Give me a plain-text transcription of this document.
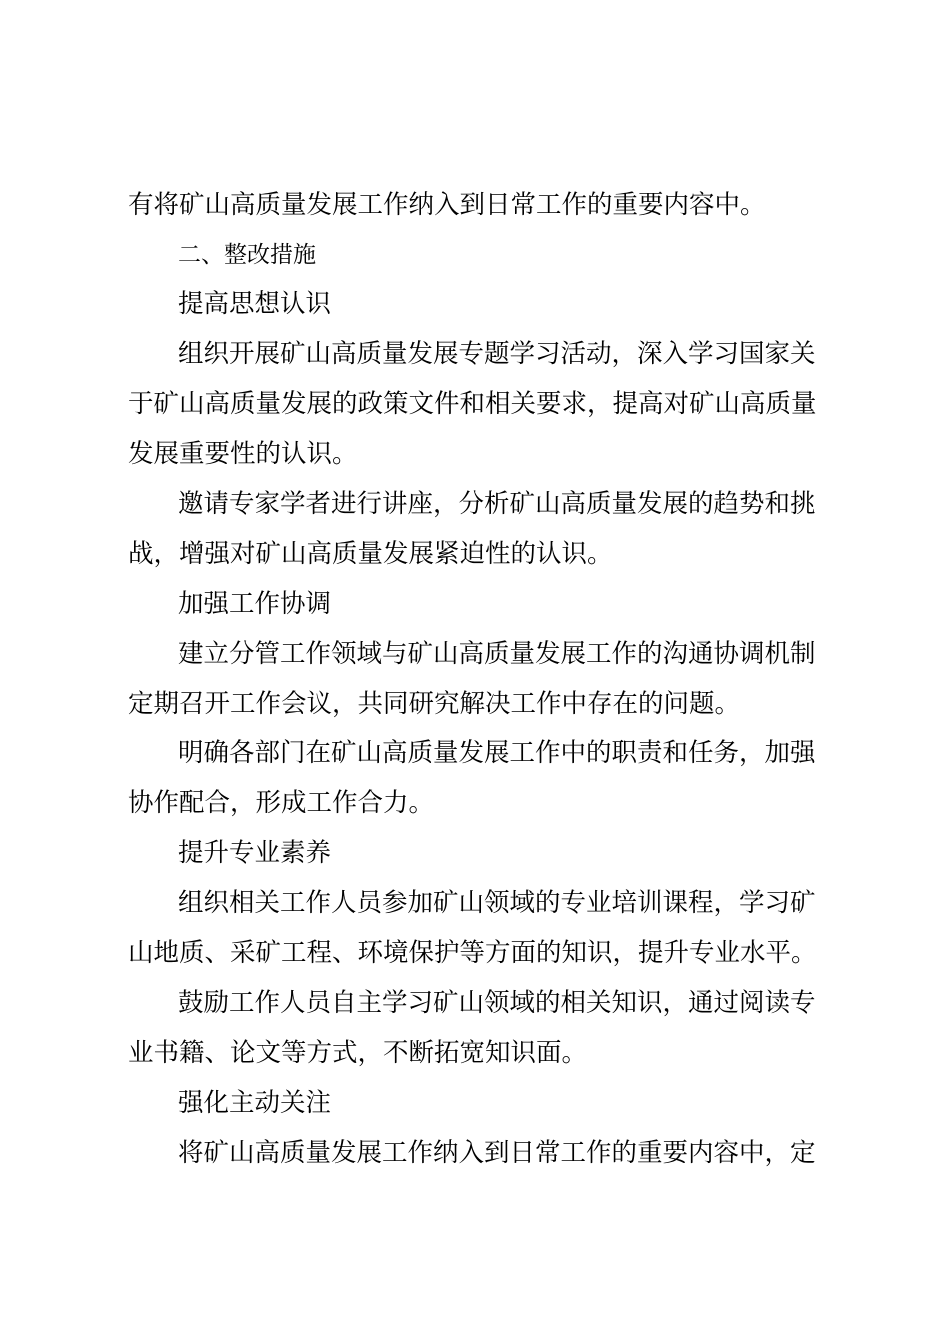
有将矿山高质量发展工作纳入到日常工作的重要内容中。
二、整改措施
提高思想认识
组织开展矿山高质量发展专题学习活动，深入学习国家关
于矿山高质量发展的政策文件和相关要求，提高对矿山高质量
发展重要性的认识。
邀请专家学者进行讲座，分析矿山高质量发展的趋势和挑
战，增强对矿山高质量发展紧迫性的认识。
加强工作协调
建立分管工作领域与矿山高质量发展工作的沟通协调机制
定期召开工作会议，共同研究解决工作中存在的问题。
明确各部门在矿山高质量发展工作中的职责和任务，加强
协作配合，形成工作合力。
提升专业素养
组织相关工作人员参加矿山领域的专业培训课程，学习矿
山地质、采矿工程、环境保护等方面的知识，提升专业水平。
鼓励工作人员自主学习矿山领域的相关知识，通过阅读专
业书籍、论文等方式，不断拓宽知识面。
强化主动关注
将矿山高质量发展工作纳入到日常工作的重要内容中，定
